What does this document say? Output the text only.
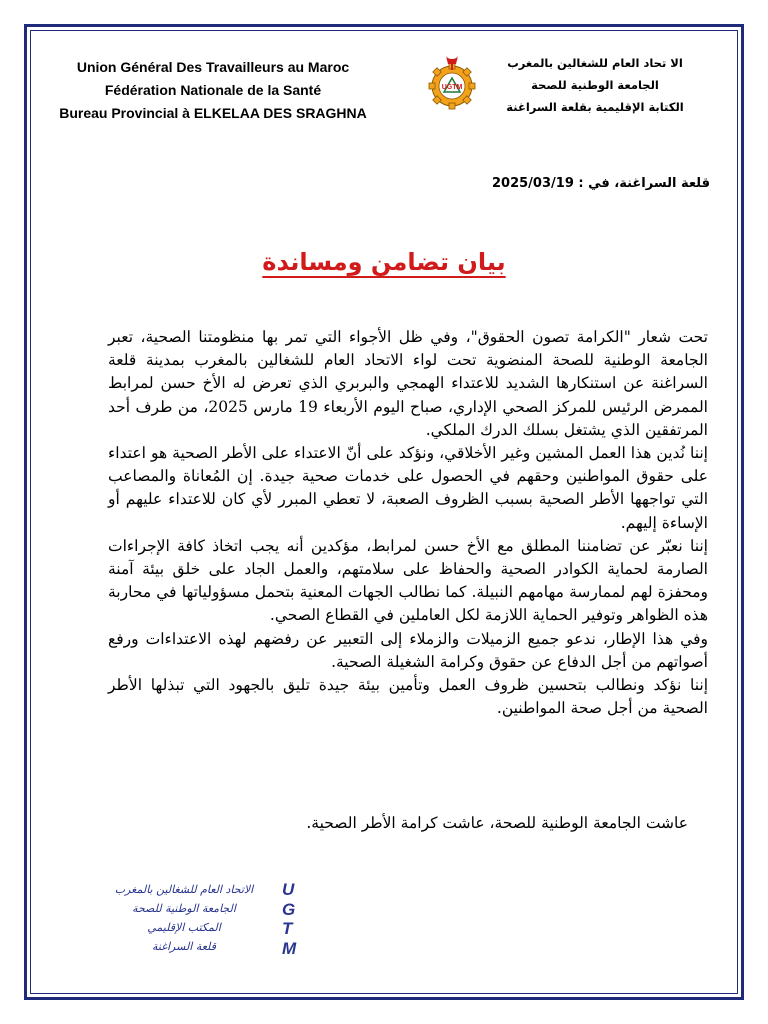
Union Général Des Travailleurs au Maroc
Fédération Nationale de la Santé
Bureau Provincial à ELKELAA DES SRAGHNA
UGTM
الا تحاد العام للشغالين بالمغرب
الجامعة الوطنية للصحة
الكتابة الإقليمية بقلعة السراغنة
قلعة السراغنة، في : 2025/03/19
بيان تضامن ومساندة

تحت شعار "الكرامة تصون الحقوق"، وفي ظل الأجواء التي تمر بها منظومتنا الصحية، تعبر الجامعة الوطنية للصحة المنضوية تحت لواء الاتحاد العام للشغالين بالمغرب بمدينة قلعة السراغنة عن استنكارها الشديد للاعتداء الهمجي والبربري الذي تعرض له الأخ حسن لمرابط الممرض الرئيس للمركز الصحي الإداري، صباح اليوم الأربعاء 19 مارس 2025، من طرف أحد المرتفقين الذي يشتغل بسلك الدرك الملكي.

إننا نُدين هذا العمل المشين وغير الأخلاقي، ونؤكد على أنّ الاعتداء على الأطر الصحية هو اعتداء على حقوق المواطنين وحقهم في الحصول على خدمات صحية جيدة. إن المُعاناة والمصاعب التي تواجهها الأطر الصحية بسبب الظروف الصعبة، لا تعطي المبرر لأي كان للاعتداء عليهم أو الإساءة إليهم.

إننا نعبّر عن تضامننا المطلق مع الأخ حسن لمرابط، مؤكدين أنه يجب اتخاذ كافة الإجراءات الصارمة لحماية الكوادر الصحية والحفاظ على سلامتهم، والعمل الجاد على خلق بيئة آمنة ومحفزة لهم لممارسة مهامهم النبيلة. كما نطالب الجهات المعنية بتحمل مسؤولياتها في محاربة هذه الظواهر وتوفير الحماية اللازمة لكل العاملين في القطاع الصحي.

وفي هذا الإطار، ندعو جميع الزميلات والزملاء إلى التعبير عن رفضهم لهذه الاعتداءات ورفع أصواتهم من أجل الدفاع عن حقوق وكرامة الشغيلة الصحية.

إننا نؤكد ونطالب بتحسين ظروف العمل وتأمين بيئة جيدة تليق بالجهود التي تبذلها الأطر الصحية من أجل صحة المواطنين.

عاشت الجامعة الوطنية للصحة، عاشت كرامة الأطر الصحية.
الاتحاد العام للشغالين بالمغرب
الجامعة الوطنية للصحة
المكتب الإقليمي
قلعة السراغنة
U
G
T
M
